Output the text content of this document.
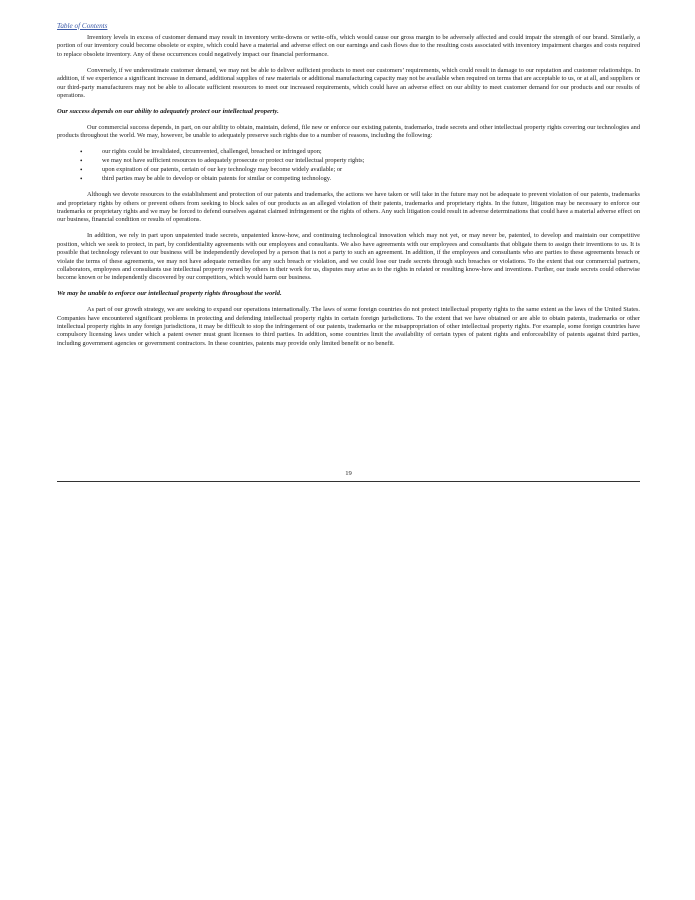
Table of Contents

Inventory levels in excess of customer demand may result in inventory write-downs or write-offs, which would cause our gross margin to be adversely affected and could impair the strength of our brand. Similarly, a portion of our inventory could become obsolete or expire, which could have a material and adverse effect on our earnings and cash flows due to the resulting costs associated with inventory impairment charges and costs required to replace obsolete inventory. Any of these occurrences could negatively impact our financial performance.

Conversely, if we underestimate customer demand, we may not be able to deliver sufficient products to meet our customers’ requirements, which could result in damage to our reputation and customer relationships. In addition, if we experience a significant increase in demand, additional supplies of raw materials or additional manufacturing capacity may not be available when required on terms that are acceptable to us, or at all, and suppliers or our third-party manufacturers may not be able to allocate sufficient resources to meet our increased requirements, which could have an adverse effect on our ability to meet customer demand for our products and our results of operations.

Our success depends on our ability to adequately protect our intellectual property.

Our commercial success depends, in part, on our ability to obtain, maintain, defend, file new or enforce our existing patents, trademarks, trade secrets and other intellectual property rights covering our technologies and products throughout the world. We may, however, be unable to adequately preserve such rights due to a number of reasons, including the following:

• our rights could be invalidated, circumvented, challenged, breached or infringed upon;
• we may not have sufficient resources to adequately prosecute or protect our intellectual property rights;
• upon expiration of our patents, certain of our key technology may become widely available; or
• third parties may be able to develop or obtain patents for similar or competing technology.

Although we devote resources to the establishment and protection of our patents and trademarks, the actions we have taken or will take in the future may not be adequate to prevent violation of our patents, trademarks and proprietary rights by others or prevent others from seeking to block sales of our products as an alleged violation of their patents, trademarks and proprietary rights. In the future, litigation may be necessary to enforce our trademarks or proprietary rights and we may be forced to defend ourselves against claimed infringement or the rights of others. Any such litigation could result in adverse determinations that could have a material adverse effect on our business, financial condition or results of operations.

In addition, we rely in part upon unpatented trade secrets, unpatented know-how, and continuing technological innovation which may not yet, or may never be, patented, to develop and maintain our competitive position, which we seek to protect, in part, by confidentiality agreements with our employees and consultants. We also have agreements with our employees and consultants that obligate them to assign their inventions to us. It is possible that technology relevant to our business will be independently developed by a person that is not a party to such an agreement. In addition, if the employees and consultants who are parties to these agreements breach or violate the terms of these agreements, we may not have adequate remedies for any such breach or violation, and we could lose our trade secrets through such breaches or violations. To the extent that our commercial partners, collaborators, employees and consultants use intellectual property owned by others in their work for us, disputes may arise as to the rights in related or resulting know-how and inventions. Further, our trade secrets could otherwise become known or be independently discovered by our competitors, which would harm our business.

We may be unable to enforce our intellectual property rights throughout the world.

As part of our growth strategy, we are seeking to expand our operations internationally. The laws of some foreign countries do not protect intellectual property rights to the same extent as the laws of the United States. Companies have encountered significant problems in protecting and defending intellectual property rights in certain foreign jurisdictions. To the extent that we have obtained or are able to obtain patents, trademarks or other intellectual property rights in any foreign jurisdictions, it may be difficult to stop the infringement of our patents, trademarks or the misappropriation of other intellectual property rights. For example, some foreign countries have compulsory licensing laws under which a patent owner must grant licenses to third parties. In addition, some countries limit the availability of certain types of patent rights and enforceability of patents against third parties, including government agencies or government contractors. In these countries, patents may provide only limited benefit or no benefit.

19
